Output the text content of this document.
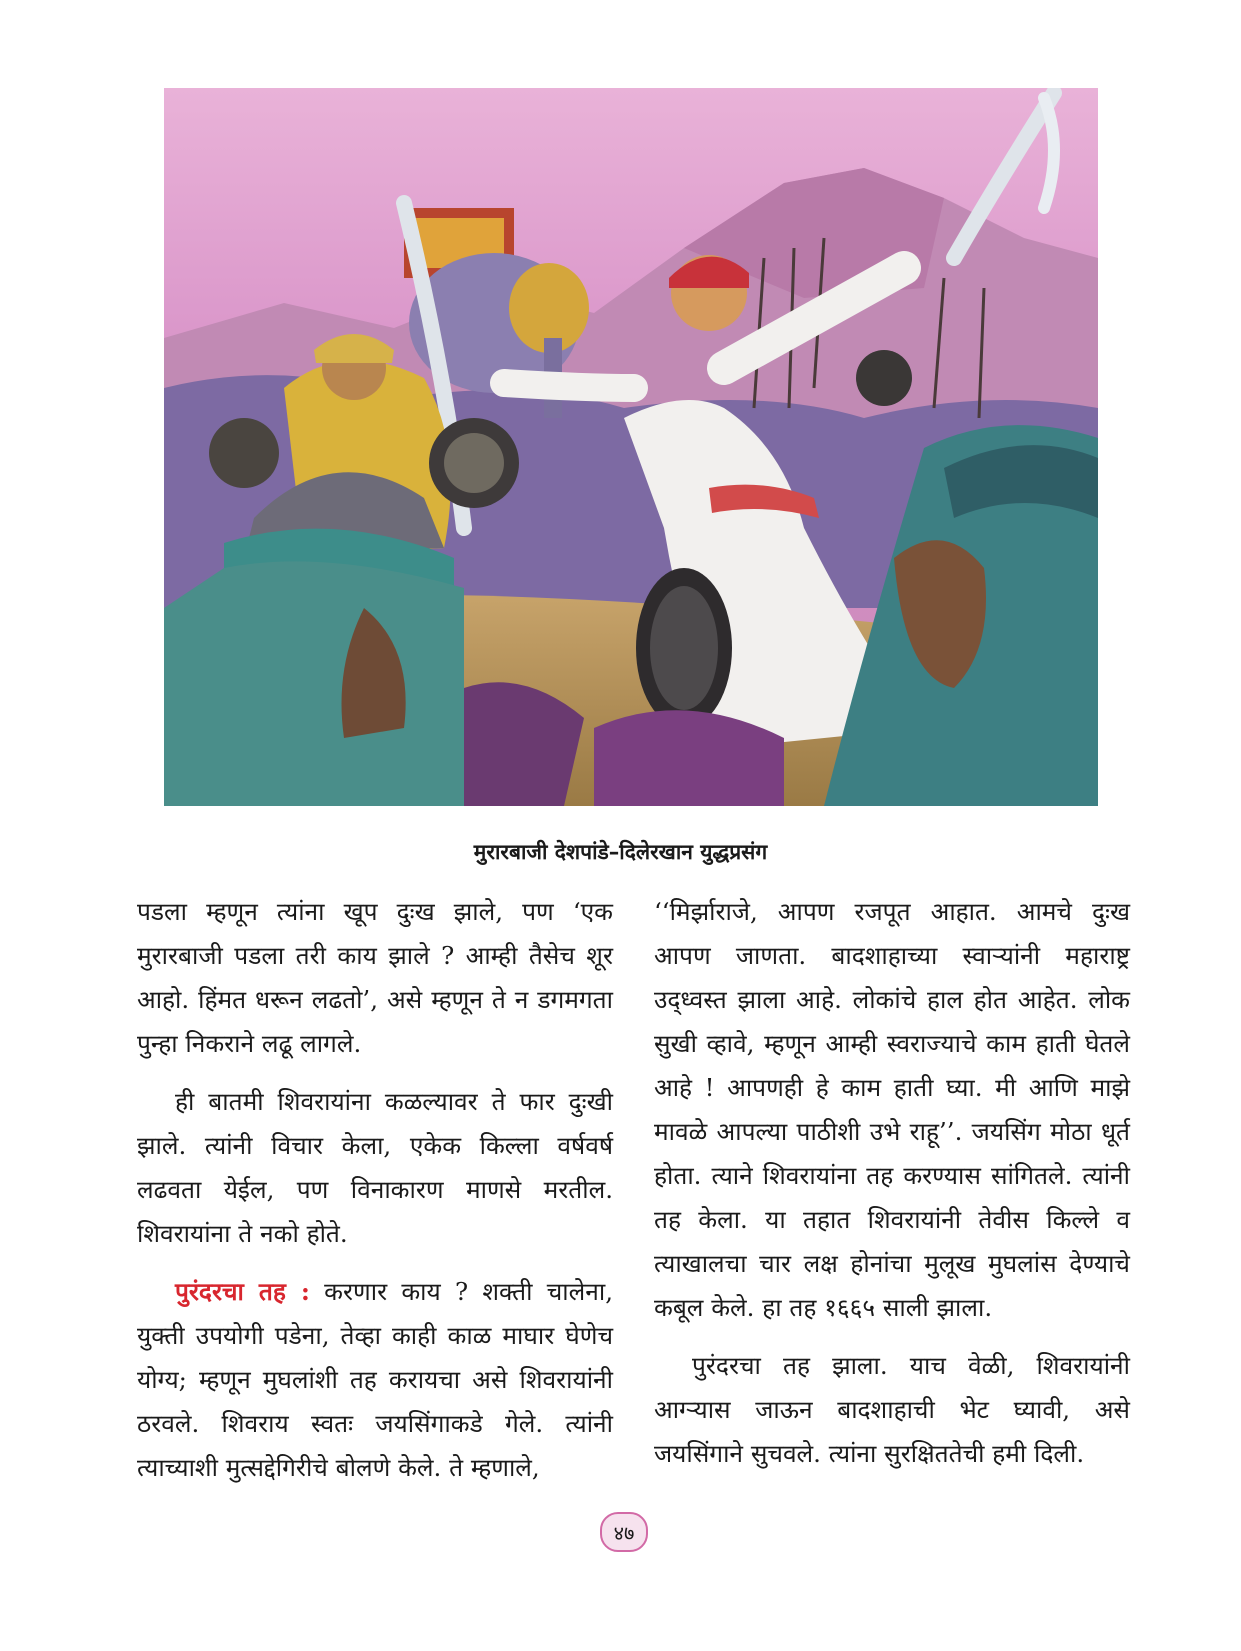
मुरारबाजी देशपांडे–दिलेरखान युद्धप्रसंग

पडला म्हणून त्यांना खूप दुःख झाले, पण ‘एक मुरारबाजी पडला तरी काय झाले ? आम्ही तैसेच शूर आहो. हिंमत धरून लढतो’, असे म्हणून ते न डगमगता पुन्हा निकराने लढू लागले.

ही बातमी शिवरायांना कळल्यावर ते फार दुःखी झाले. त्यांनी विचार केला, एकेक किल्ला वर्षवर्ष लढवता येईल, पण विनाकारण माणसे मरतील. शिवरायांना ते नको होते.

पुरंदरचा तह : करणार काय ? शक्ती चालेना, युक्ती उपयोगी पडेना, तेव्हा काही काळ माघार घेणेच योग्य; म्हणून मुघलांशी तह करायचा असे शिवरायांनी ठरवले. शिवराय स्वतः जयसिंगाकडे गेले. त्यांनी त्याच्याशी मुत्सद्देगिरीचे बोलणे केले. ते म्हणाले,

‘‘मिर्झाराजे, आपण रजपूत आहात. आमचे दुःख आपण जाणता. बादशाहाच्या स्वाऱ्यांनी महाराष्ट्र उद्ध्वस्त झाला आहे. लोकांचे हाल होत आहेत. लोक सुखी व्हावे, म्हणून आम्ही स्वराज्याचे काम हाती घेतले आहे ! आपणही हे काम हाती घ्या. मी आणि माझे मावळे आपल्या पाठीशी उभे राहू’’. जयसिंग मोठा धूर्त होता. त्याने शिवरायांना तह करण्यास सांगितले. त्यांनी तह केला. या तहात शिवरायांनी तेवीस किल्ले व त्याखालचा चार लक्ष होनांचा मुलूख मुघलांस देण्याचे कबूल केले. हा तह १६६५ साली झाला.

पुरंदरचा तह झाला. याच वेळी, शिवरायांनी आग्ऱ्यास जाऊन बादशाहाची भेट घ्यावी, असे जयसिंगाने सुचवले. त्यांना सुरक्षिततेची हमी दिली.

४७
